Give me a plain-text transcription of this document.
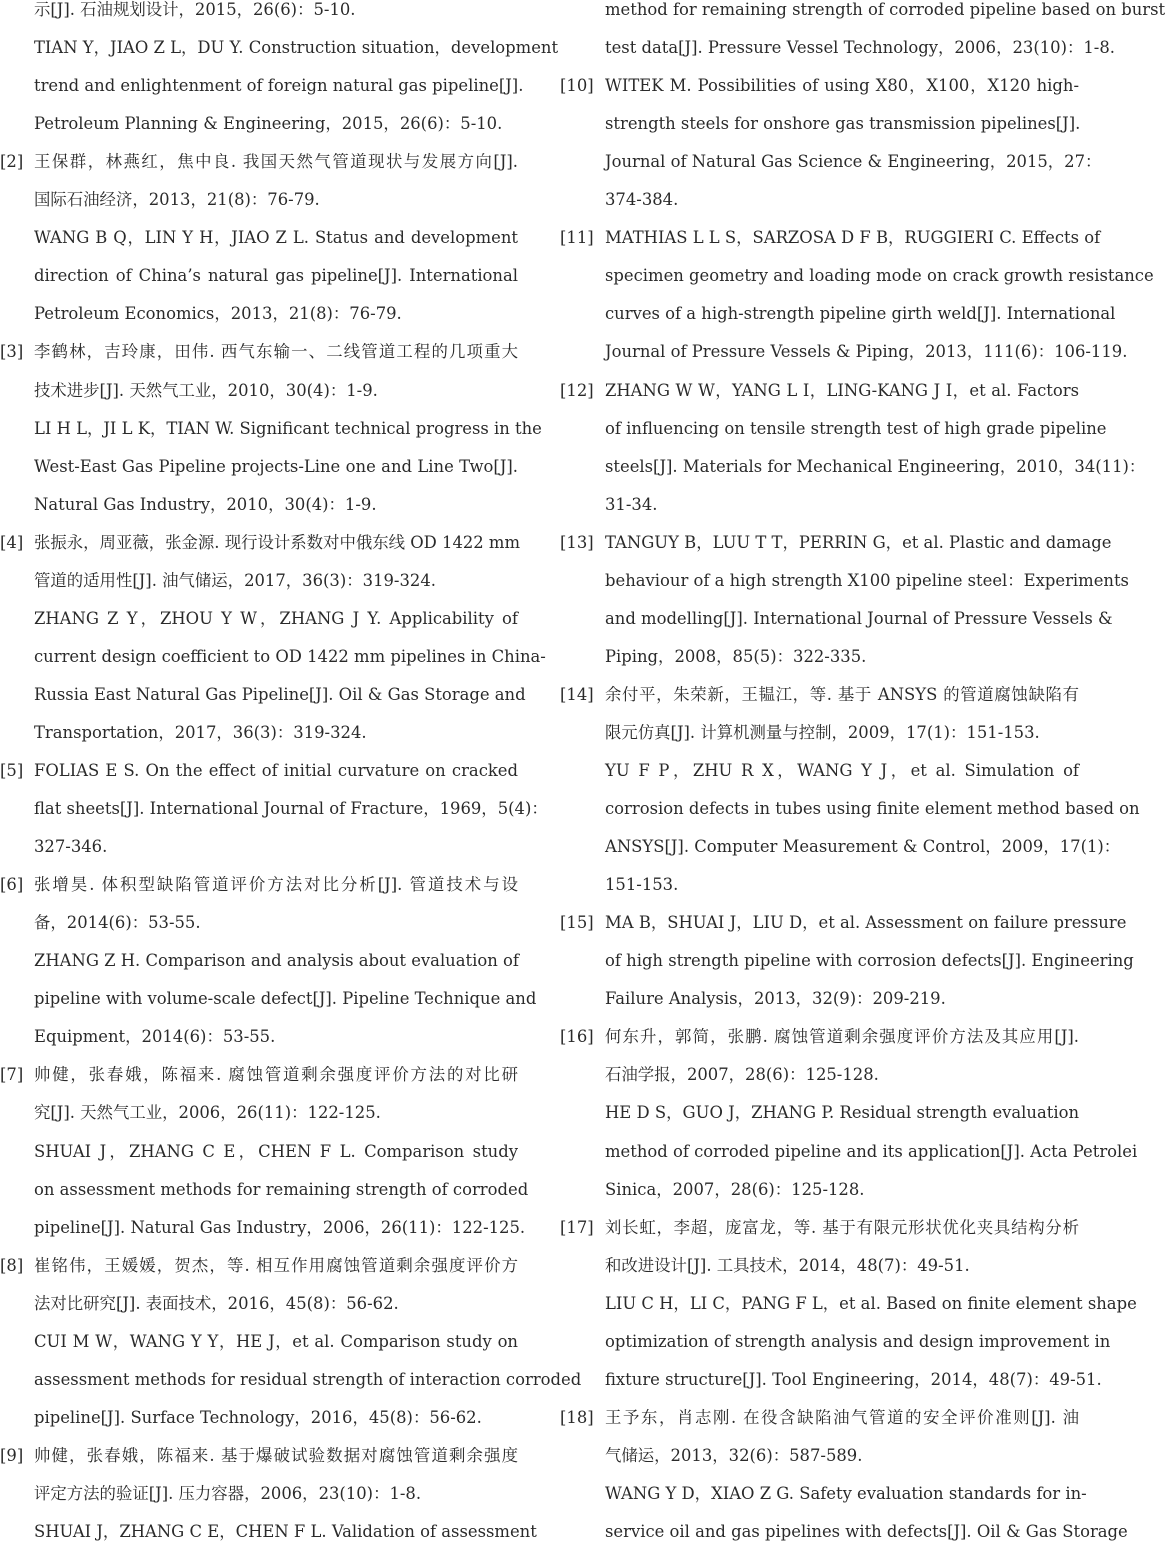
示[J]. 石油规划设计，2015，26(6)：5-10.
TIAN Y，JIAO Z L，DU Y. Construction situation，development
trend and enlightenment of foreign natural gas pipeline[J].
Petroleum Planning & Engineering，2015，26(6)：5-10.
[2] 王保群，林燕红，焦中良. 我国天然气管道现状与发展方向[J].
国际石油经济，2013，21(8)：76-79.
WANG B Q，LIN Y H，JIAO Z L. Status and development
direction of China’s natural gas pipeline[J]. International
Petroleum Economics，2013，21(8)：76-79.
[3] 李鹤林，吉玲康，田伟. 西气东输一、二线管道工程的几项重大
技术进步[J]. 天然气工业，2010，30(4)：1-9.
LI H L，JI L K，TIAN W. Significant technical progress in the
West-East Gas Pipeline projects-Line one and Line Two[J].
Natural Gas Industry，2010，30(4)：1-9.
[4] 张振永，周亚薇，张金源. 现行设计系数对中俄东线 OD 1422 mm
管道的适用性[J]. 油气储运，2017，36(3)：319-324.
ZHANG Z Y，ZHOU Y W，ZHANG J Y. Applicability of
current design coefficient to OD 1422 mm pipelines in China-
Russia East Natural Gas Pipeline[J]. Oil & Gas Storage and
Transportation，2017，36(3)：319-324.
[5] FOLIAS E S. On the effect of initial curvature on cracked
flat sheets[J]. International Journal of Fracture，1969，5(4)：
327-346.
[6] 张增昊. 体积型缺陷管道评价方法对比分析[J]. 管道技术与设
备，2014(6)：53-55.
ZHANG Z H. Comparison and analysis about evaluation of
pipeline with volume-scale defect[J]. Pipeline Technique and
Equipment，2014(6)：53-55.
[7] 帅健，张春娥，陈福来. 腐蚀管道剩余强度评价方法的对比研
究[J]. 天然气工业，2006，26(11)：122-125.
SHUAI J，ZHANG C E，CHEN F L. Comparison study
on assessment methods for remaining strength of corroded
pipeline[J]. Natural Gas Industry，2006，26(11)：122-125.
[8] 崔铭伟，王媛媛，贺杰，等. 相互作用腐蚀管道剩余强度评价方
法对比研究[J]. 表面技术，2016，45(8)：56-62.
CUI M W，WANG Y Y，HE J，et al. Comparison study on
assessment methods for residual strength of interaction corroded
pipeline[J]. Surface Technology，2016，45(8)：56-62.
[9] 帅健，张春娥，陈福来. 基于爆破试验数据对腐蚀管道剩余强度
评定方法的验证[J]. 压力容器，2006，23(10)：1-8.
SHUAI J，ZHANG C E，CHEN F L. Validation of assessment
method for remaining strength of corroded pipeline based on burst
test data[J]. Pressure Vessel Technology，2006，23(10)：1-8.
[10] WITEK M. Possibilities of using X80，X100，X120 high-
strength steels for onshore gas transmission pipelines[J].
Journal of Natural Gas Science & Engineering，2015，27：
374-384.
[11] MATHIAS L L S，SARZOSA D F B，RUGGIERI C. Effects of
specimen geometry and loading mode on crack growth resistance
curves of a high-strength pipeline girth weld[J]. International
Journal of Pressure Vessels & Piping，2013，111(6)：106-119.
[12] ZHANG W W，YANG L I，LING-KANG J I，et al. Factors
of influencing on tensile strength test of high grade pipeline
steels[J]. Materials for Mechanical Engineering，2010，34(11)：
31-34.
[13] TANGUY B，LUU T T，PERRIN G，et al. Plastic and damage
behaviour of a high strength X100 pipeline steel：Experiments
and modelling[J]. International Journal of Pressure Vessels &
Piping，2008，85(5)：322-335.
[14] 余付平，朱荣新，王韫江，等. 基于 ANSYS 的管道腐蚀缺陷有
限元仿真[J]. 计算机测量与控制，2009，17(1)：151-153.
YU F P，ZHU R X，WANG Y J，et al. Simulation of
corrosion defects in tubes using finite element method based on
ANSYS[J]. Computer Measurement & Control，2009，17(1)：
151-153.
[15] MA B，SHUAI J，LIU D，et al. Assessment on failure pressure
of high strength pipeline with corrosion defects[J]. Engineering
Failure Analysis，2013，32(9)：209-219.
[16] 何东升，郭简，张鹏. 腐蚀管道剩余强度评价方法及其应用[J].
石油学报，2007，28(6)：125-128.
HE D S，GUO J，ZHANG P. Residual strength evaluation
method of corroded pipeline and its application[J]. Acta Petrolei
Sinica，2007，28(6)：125-128.
[17] 刘长虹，李超，庞富龙，等. 基于有限元形状优化夹具结构分析
和改进设计[J]. 工具技术，2014，48(7)：49-51.
LIU C H，LI C，PANG F L，et al. Based on finite element shape
optimization of strength analysis and design improvement in
fixture structure[J]. Tool Engineering，2014，48(7)：49-51.
[18] 王予东，肖志刚. 在役含缺陷油气管道的安全评价准则[J]. 油
气储运，2013，32(6)：587-589.
WANG Y D，XIAO Z G. Safety evaluation standards for in-
service oil and gas pipelines with defects[J]. Oil & Gas Storage
